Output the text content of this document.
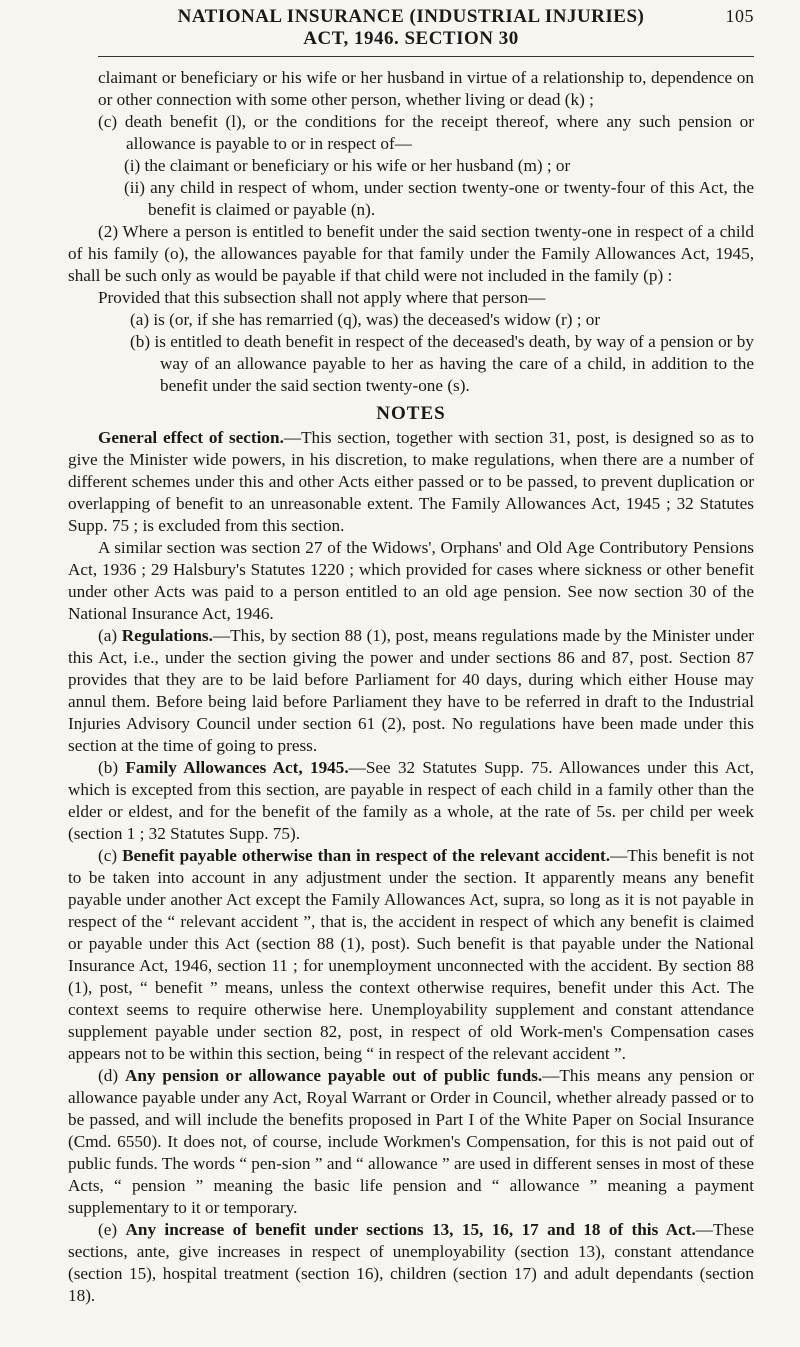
NATIONAL INSURANCE (INDUSTRIAL INJURIES)
ACT, 1946. SECTION 30
105

claimant or beneficiary or his wife or her husband in virtue of a relationship to, dependence on or other connection with some other person, whether living or dead (k) ;

(c) death benefit (l), or the conditions for the receipt thereof, where any such pension or allowance is payable to or in respect of—

(i) the claimant or beneficiary or his wife or her husband (m) ; or

(ii) any child in respect of whom, under section twenty-one or twenty-four of this Act, the benefit is claimed or payable (n).

(2) Where a person is entitled to benefit under the said section twenty-one in respect of a child of his family (o), the allowances payable for that family under the Family Allowances Act, 1945, shall be such only as would be payable if that child were not included in the family (p) :

Provided that this subsection shall not apply where that person—

(a) is (or, if she has remarried (q), was) the deceased's widow (r) ; or

(b) is entitled to death benefit in respect of the deceased's death, by way of a pension or by way of an allowance payable to her as having the care of a child, in addition to the benefit under the said section twenty-one (s).

NOTES

General effect of section.—This section, together with section 31, post, is designed so as to give the Minister wide powers, in his discretion, to make regulations, when there are a number of different schemes under this and other Acts either passed or to be passed, to prevent duplication or overlapping of benefit to an unreasonable extent. The Family Allowances Act, 1945 ; 32 Statutes Supp. 75 ; is excluded from this section.

A similar section was section 27 of the Widows', Orphans' and Old Age Contributory Pensions Act, 1936 ; 29 Halsbury's Statutes 1220 ; which provided for cases where sickness or other benefit under other Acts was paid to a person entitled to an old age pension. See now section 30 of the National Insurance Act, 1946.

(a) Regulations.—This, by section 88 (1), post, means regulations made by the Minister under this Act, i.e., under the section giving the power and under sections 86 and 87, post. Section 87 provides that they are to be laid before Parliament for 40 days, during which either House may annul them. Before being laid before Parliament they have to be referred in draft to the Industrial Injuries Advisory Council under section 61 (2), post. No regulations have been made under this section at the time of going to press.

(b) Family Allowances Act, 1945.—See 32 Statutes Supp. 75. Allowances under this Act, which is excepted from this section, are payable in respect of each child in a family other than the elder or eldest, and for the benefit of the family as a whole, at the rate of 5s. per child per week (section 1 ; 32 Statutes Supp. 75).

(c) Benefit payable otherwise than in respect of the relevant accident.—This benefit is not to be taken into account in any adjustment under the section. It apparently means any benefit payable under another Act except the Family Allowances Act, supra, so long as it is not payable in respect of the “ relevant accident ”, that is, the accident in respect of which any benefit is claimed or payable under this Act (section 88 (1), post). Such benefit is that payable under the National Insurance Act, 1946, section 11 ; for unemployment unconnected with the accident. By section 88 (1), post, “ benefit ” means, unless the context otherwise requires, benefit under this Act. The context seems to require otherwise here. Unemployability supplement and constant attendance supplement payable under section 82, post, in respect of old Work-men's Compensation cases appears not to be within this section, being “ in respect of the relevant accident ”.

(d) Any pension or allowance payable out of public funds.—This means any pension or allowance payable under any Act, Royal Warrant or Order in Council, whether already passed or to be passed, and will include the benefits proposed in Part I of the White Paper on Social Insurance (Cmd. 6550). It does not, of course, include Workmen's Compensation, for this is not paid out of public funds. The words “ pen-sion ” and “ allowance ” are used in different senses in most of these Acts, “ pension ” meaning the basic life pension and “ allowance ” meaning a payment supplementary to it or temporary.

(e) Any increase of benefit under sections 13, 15, 16, 17 and 18 of this Act.—These sections, ante, give increases in respect of unemployability (section 13), constant attendance (section 15), hospital treatment (section 16), children (section 17) and adult dependants (section 18).
